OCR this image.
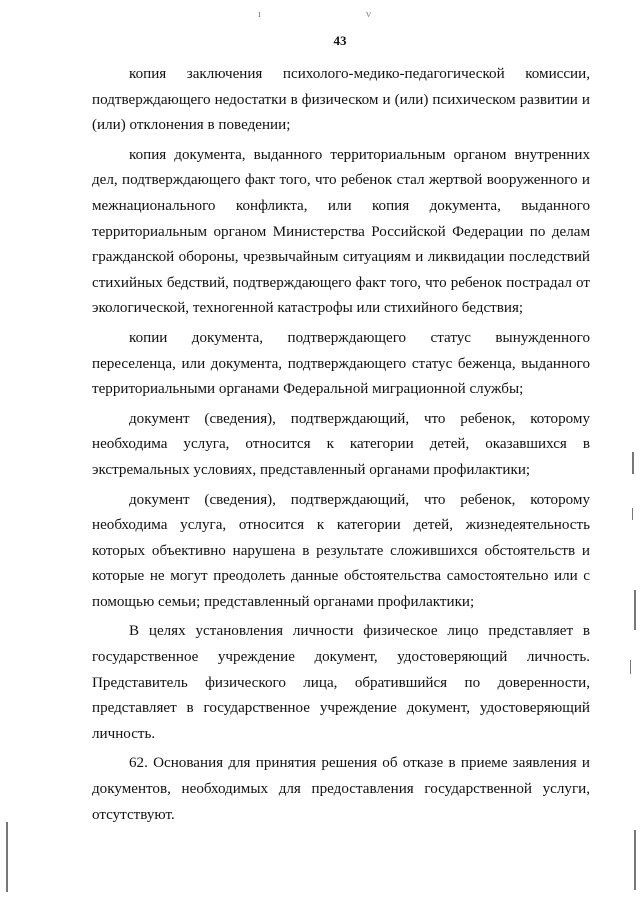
ı	ν
43

копия заключения психолого-медико-педагогической комиссии, подтверждающего недостатки в физическом и (или) психическом развитии и (или) отклонения в поведении;

копия документа, выданного территориальным органом внутренних дел, подтверждающего факт того, что ребенок стал жертвой вооруженного и межнационального конфликта, или копия документа, выданного территориальным органом Министерства Российской Федерации по делам гражданской обороны, чрезвычайным ситуациям и ликвидации последствий стихийных бедствий, подтверждающего факт того, что ребенок пострадал от экологической, техногенной катастрофы или стихийного бедствия;

копии документа, подтверждающего статус вынужденного переселенца, или документа, подтверждающего статус беженца, выданного территориальными органами Федеральной миграционной службы;

документ (сведения), подтверждающий, что ребенок, которому необходима услуга, относится к категории детей, оказавшихся в экстремальных условиях, представленный органами профилактики;

документ (сведения), подтверждающий, что ребенок, которому необходима услуга, относится к категории детей, жизнедеятельность которых объективно нарушена в результате сложившихся обстоятельств и которые не могут преодолеть данные обстоятельства самостоятельно или с помощью семьи; представленный органами профилактики;

В целях установления личности физическое лицо представляет в государственное учреждение документ, удостоверяющий личность. Представитель физического лица, обратившийся по доверенности, представляет в государственное учреждение документ, удостоверяющий личность.

62. Основания для принятия решения об отказе в приеме заявления и документов, необходимых для предоставления государственной услуги, отсутствуют.
